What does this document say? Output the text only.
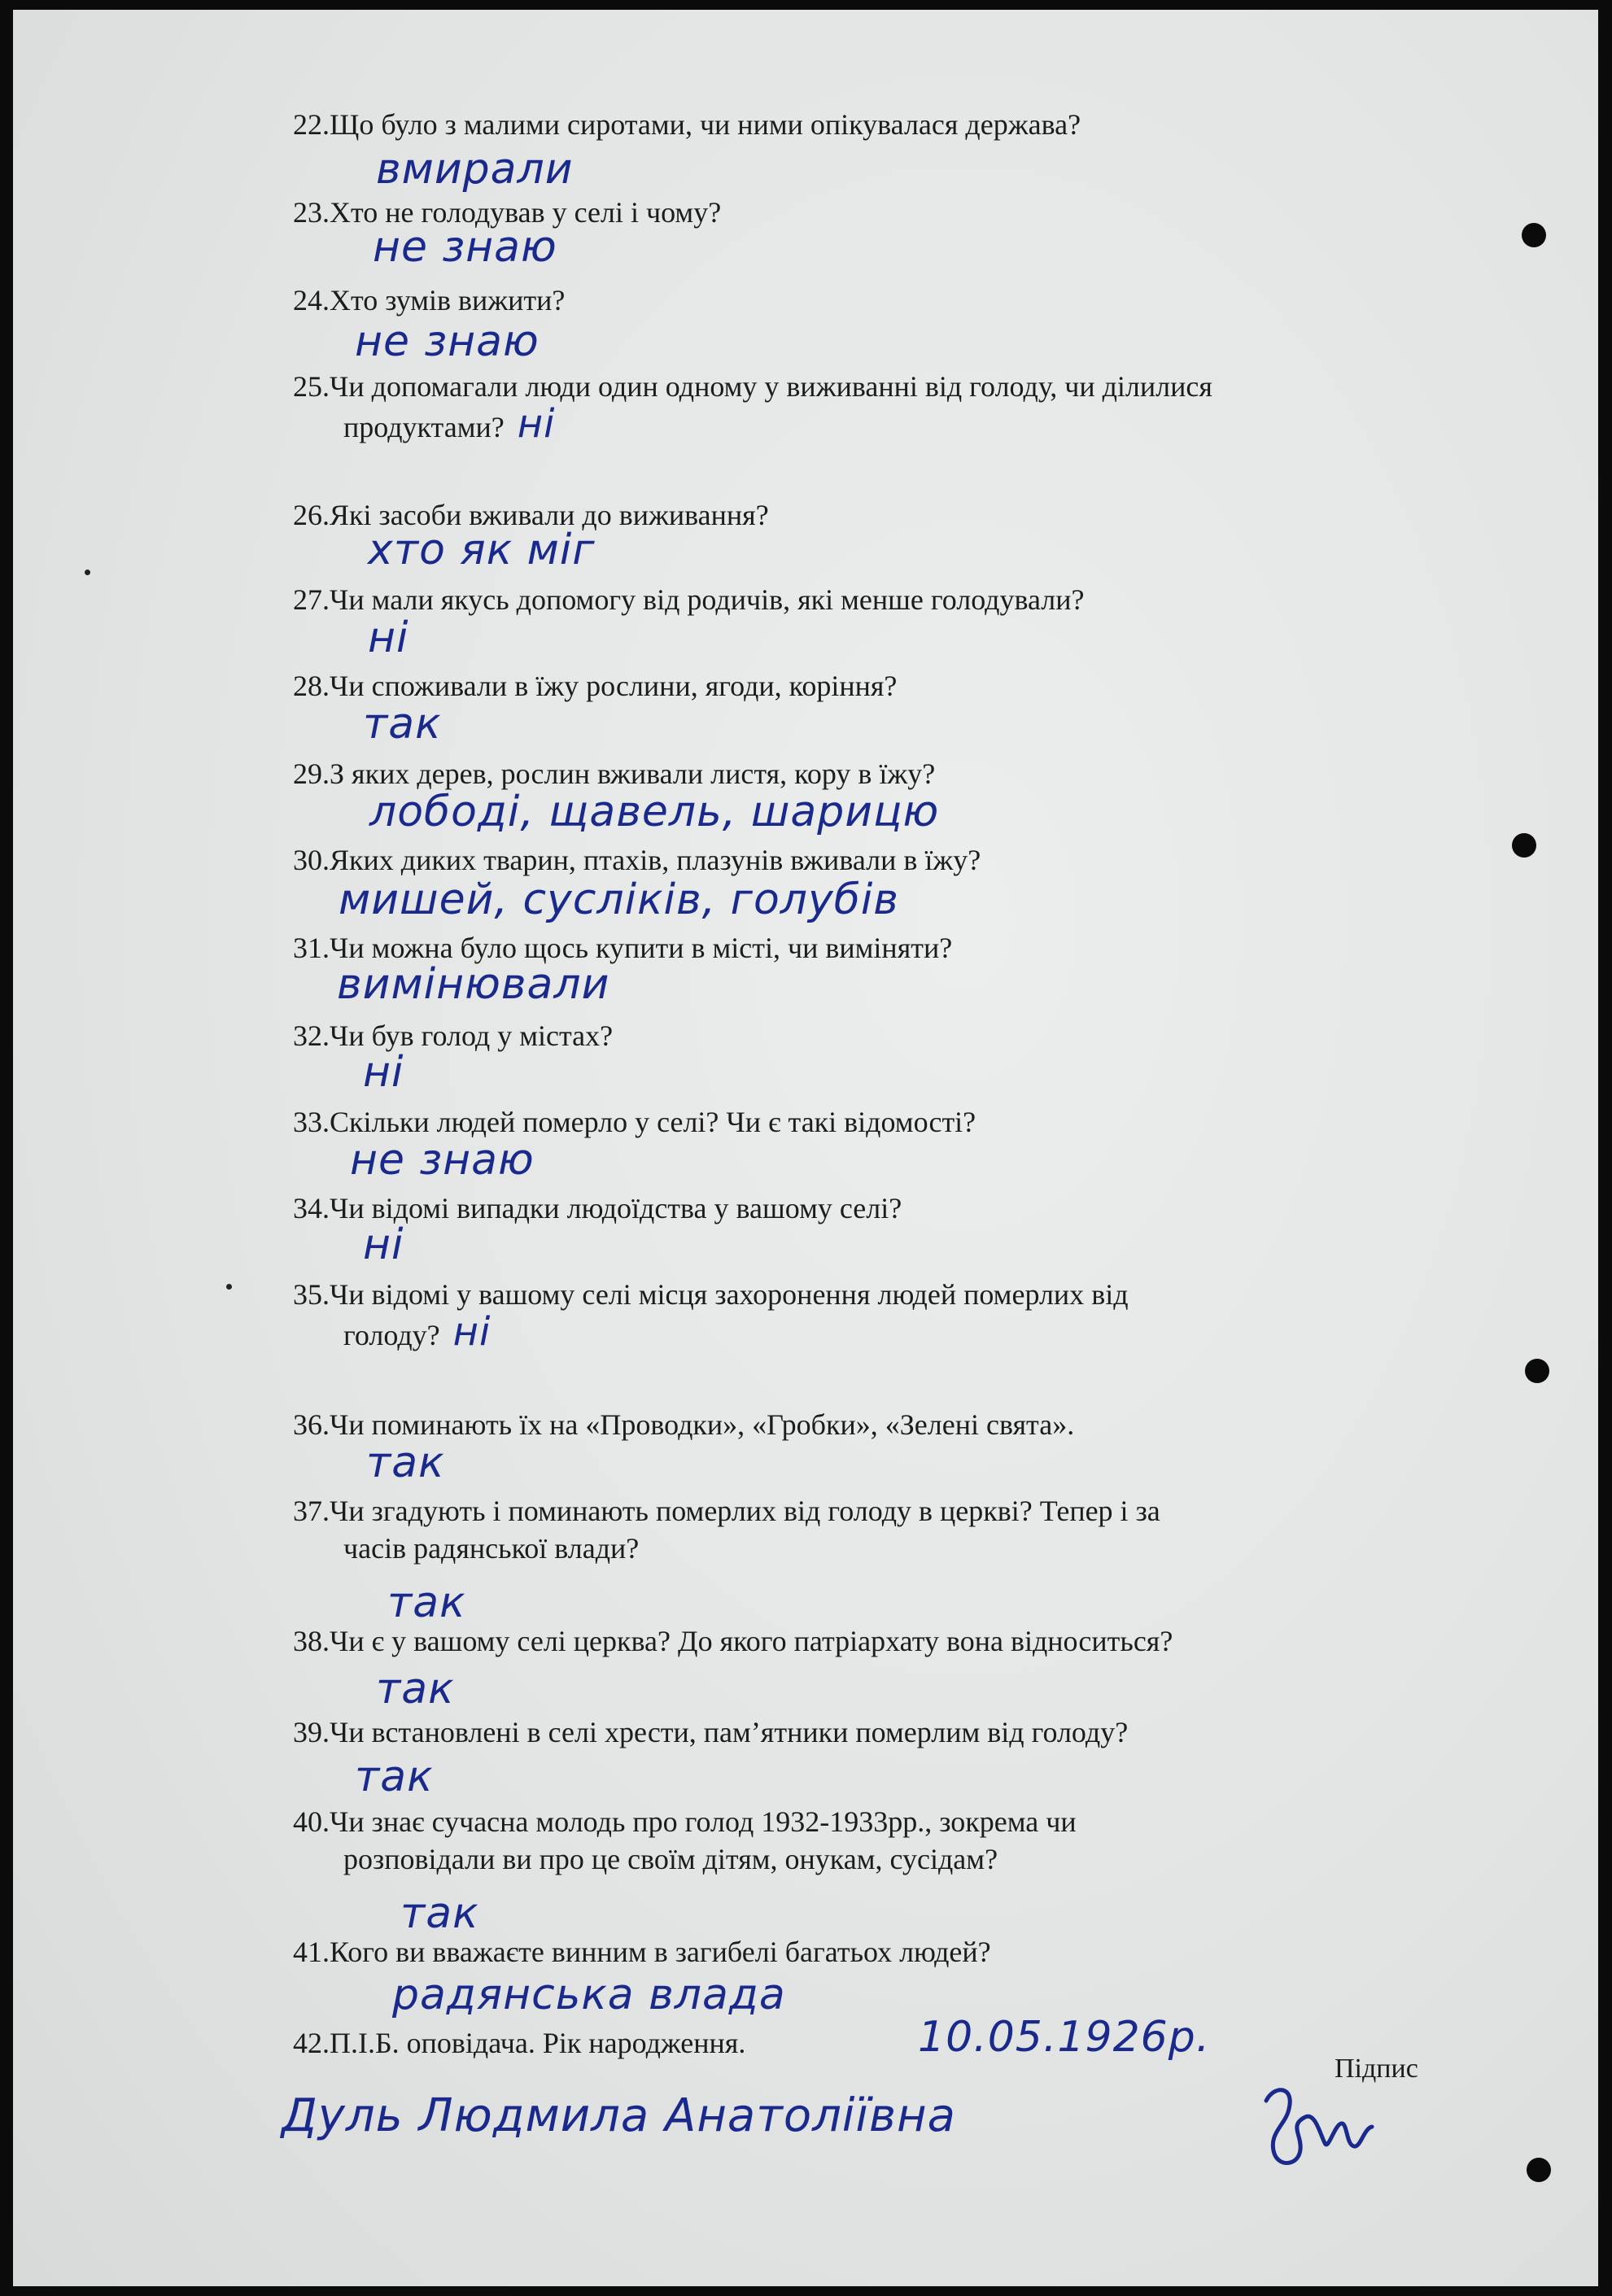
22.Що було з малими сиротами, чи ними опікувалася держава?
вмирали
23.Хто не голодував у селі і чому?
не знаю
24.Хто зумів вижити?
не знаю
25.Чи допомагали люди один одному у виживанні від голоду, чи ділилися
продуктами? ні
26.Які засоби вживали до виживання?
хто як міг
27.Чи мали якусь допомогу від родичів, які менше голодували?
ні
28.Чи споживали в їжу рослини, ягоди, коріння?
так
29.З яких дерев, рослин вживали листя, кору в їжу?
лободі, щавель, шарицю
30.Яких диких тварин, птахів, плазунів вживали в їжу?
мишей, сусліків, голубів
31.Чи можна було щось купити в місті, чи виміняти?
вимінювали
32.Чи був голод у містах?
ні
33.Скільки людей померло у селі? Чи є такі відомості?
не знаю
34.Чи відомі випадки людоїдства у вашому селі?
ні
35.Чи відомі у вашому селі місця захоронення людей померлих від
голоду? ні
36.Чи поминають їх на «Проводки», «Гробки», «Зелені свята».
так
37.Чи згадують і поминають померлих від голоду в церкві? Тепер і за
часів радянської влади?
так
38.Чи є у вашому селі церква? До якого патріархату вона відноситься?
так
39.Чи встановлені в селі хрести, пам’ятники померлим від голоду?
так
40.Чи знає сучасна молодь про голод 1932-1933рр., зокрема чи
розповідали ви про це своїм дітям, онукам, сусідам?
так
41.Кого ви вважаєте винним в загибелі багатьох людей?
радянська влада
42.П.І.Б. оповідача. Рік народження.	10.05.1926р.
Підпис
Дуль Людмила Анатоліївна
